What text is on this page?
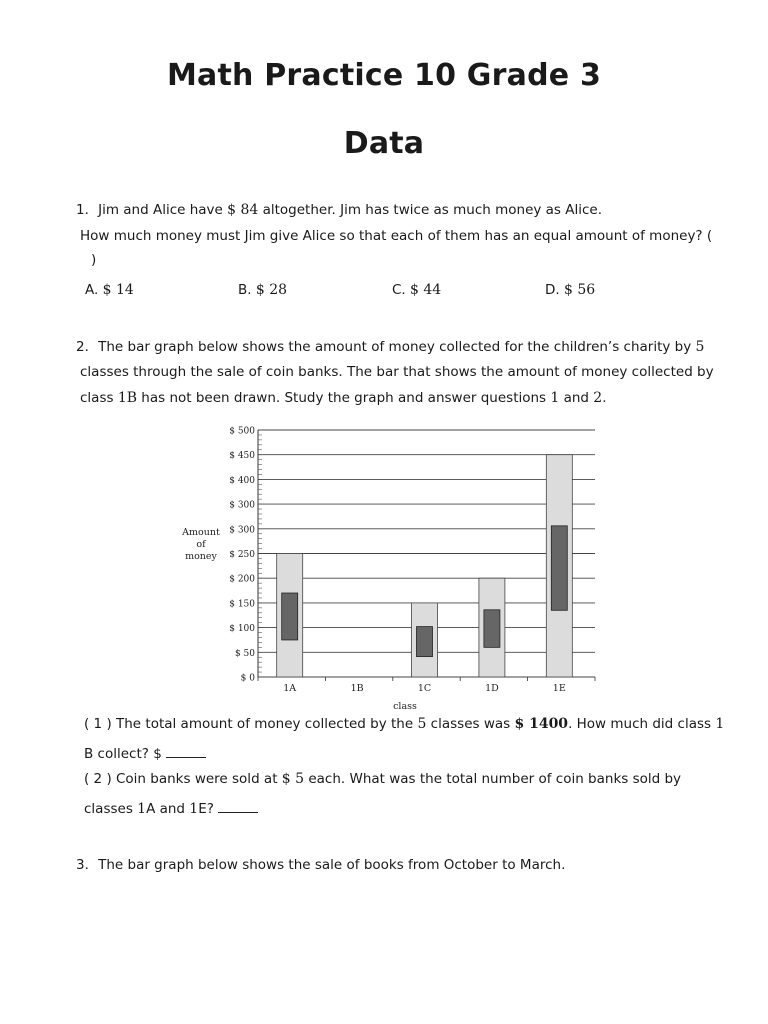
Math Practice 10 Grade 3
Data
1．Jim and Alice have $ 84 altogether. Jim has twice as much money as Alice.
How much money must Jim give Alice so that each of them has an equal amount of money? (
)
A. $ 14	B. $ 28	C. $ 44	D. $ 56
2．The bar graph below shows the amount of money collected for the children’s charity by 5
classes through the sale of coin banks. The bar that shows the amount of money collected by
class 1B has not been drawn. Study the graph and answer questions 1 and 2.
$ 0
$ 50
$ 100
$ 150
$ 200
$ 250
$ 300
$ 300
$ 400
$ 450
$ 500
1A	1B	1C	1D	1E
Amount
of
money
class
( 1 ) The total amount of money collected by the 5 classes was $ 1400. How much did class 1
B collect? $
( 2 ) Coin banks were sold at $ 5 each. What was the total number of coin banks sold by
classes 1A and 1E?
3．The bar graph below shows the sale of books from October to March.
